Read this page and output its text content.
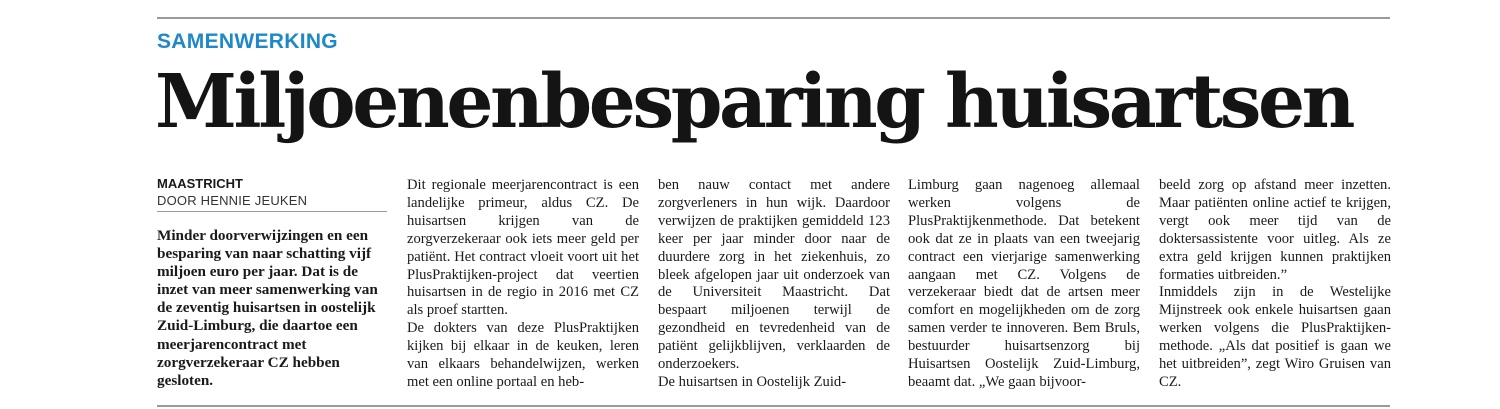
SAMENWERKING
Miljoenenbesparing huisartsen
MAASTRICHT
DOOR HENNIE JEUKEN

Minder doorverwijzingen en een besparing van naar schatting vijf miljoen euro per jaar. Dat is de inzet van meer samenwerking van de zeventig huisartsen in oostelijk Zuid-Limburg, die daartoe een meerjarencontract met zorgverzekeraar CZ hebben gesloten.

Dit regionale meerjarencontract is een landelijke primeur, aldus CZ. De huisartsen krijgen van de zorgverzekeraar ook iets meer geld per patiënt. Het contract vloeit voort uit het PlusPraktijken-project dat veertien huisartsen in de regio in 2016 met CZ als proef startten.

De dokters van deze PlusPraktijken kijken bij elkaar in de keuken, leren van elkaars behandelwijzen, werken met een online portaal en heb-

ben nauw contact met andere zorgverleners in hun wijk. Daardoor verwijzen de praktijken gemiddeld 123 keer per jaar minder door naar de duurdere zorg in het ziekenhuis, zo bleek afgelopen jaar uit onderzoek van de Universiteit Maastricht. Dat bespaart miljoenen terwijl de gezondheid en tevredenheid van de patiënt gelijkblijven, verklaarden de onderzoekers.

De huisartsen in Oostelijk Zuid-

Limburg gaan nagenoeg allemaal werken volgens de PlusPraktijkenmethode. Dat betekent ook dat ze in plaats van een tweejarig contract een vierjarige samenwerking aangaan met CZ. Volgens de verzekeraar biedt dat de artsen meer comfort en mogelijkheden om de zorg samen verder te innoveren. Bem Bruls, bestuurder huisartsenzorg bij Huisartsen Oostelijk Zuid-Limburg, beaamt dat. „We gaan bijvoor-

beeld zorg op afstand meer inzetten. Maar patiënten online actief te krijgen, vergt ook meer tijd van de doktersassistente voor uitleg. Als ze extra geld krijgen kunnen praktijken formaties uitbreiden.”

Inmiddels zijn in de Westelijke Mijnstreek ook enkele huisartsen gaan werken volgens die PlusPraktijken-methode. „Als dat positief is gaan we het uitbreiden”, zegt Wiro Gruisen van CZ.
